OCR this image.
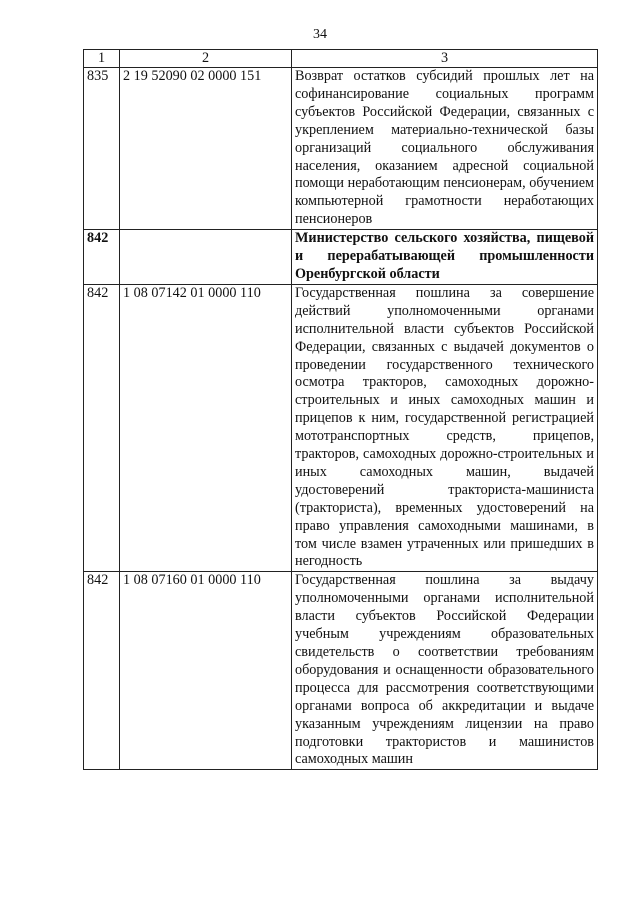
34
1	2	3
835	2 19 52090 02 0000 151	Возврат остатков субсидий прошлых лет на софинансирование социальных программ субъектов Российской Федерации, связанных с укреплением материально-технической базы организаций социального обслуживания населения, оказанием адресной социальной помощи неработающим пенсионерам, обучением компьютерной грамотности неработающих пенсионеров
842		Министерство сельского хозяйства, пищевой и перерабатывающей промышленности Оренбургской области
842	1 08 07142 01 0000 110	Государственная пошлина за совершение действий уполномоченными органами исполнительной власти субъектов Российской Федерации, связанных с выдачей документов о проведении государственного технического осмотра тракторов, самоходных дорожно-строительных и иных самоходных машин и прицепов к ним, государственной регистрацией мототранспортных средств, прицепов, тракторов, самоходных дорожно-строительных и иных самоходных машин, выдачей удостоверений тракториста-машиниста (тракториста), временных удостоверений на право управления самоходными машинами, в том числе взамен утраченных или пришедших в негодность
842	1 08 07160 01 0000 110	Государственная пошлина за выдачу уполномоченными органами исполнительной власти субъектов Российской Федерации учебным учреждениям образовательных свидетельств о соответствии требованиям оборудования и оснащенности образовательного процесса для рассмотрения соответствующими органами вопроса об аккредитации и выдаче указанным учреждениям лицензии на право подготовки трактористов и машинистов самоходных машин
